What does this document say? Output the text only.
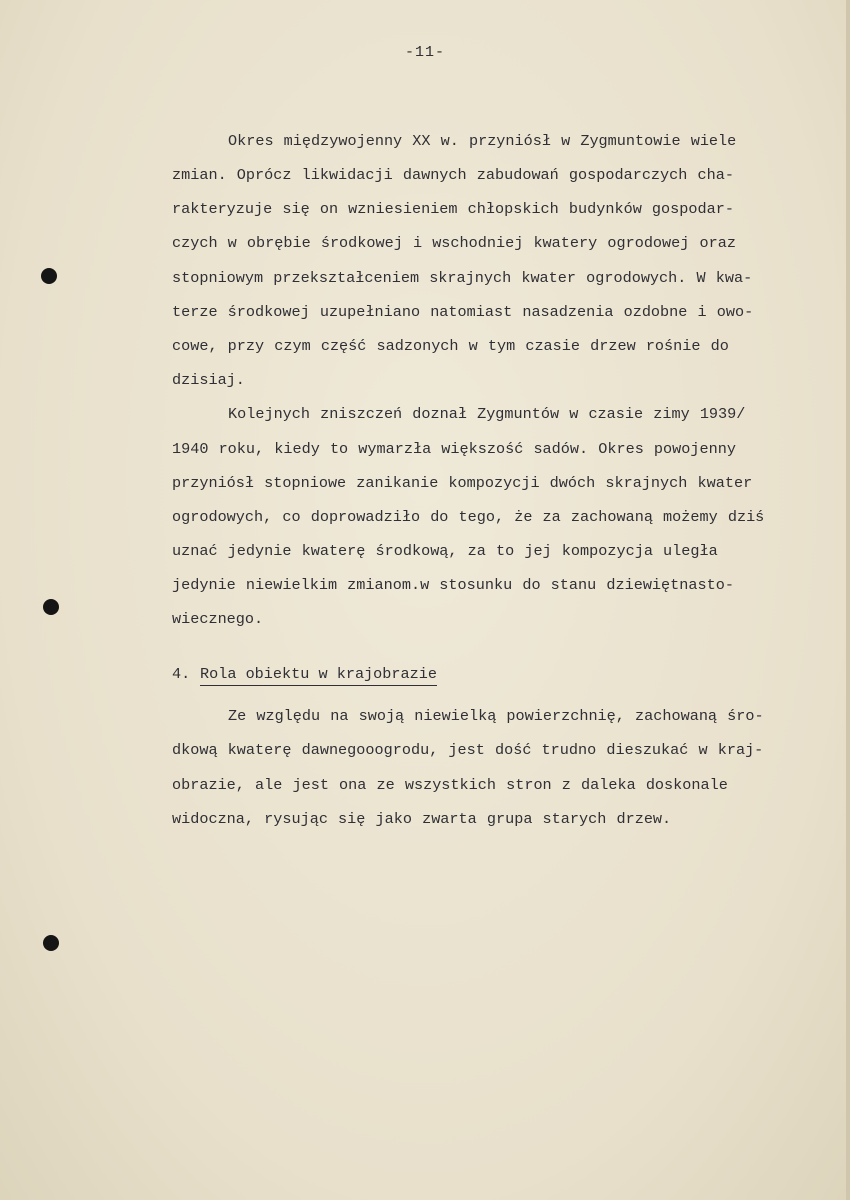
-11-
Okres międzywojenny XX w. przyniósł w Zygmuntowie wiele
zmian. Oprócz likwidacji dawnych zabudowań gospodarczych cha-
rakteryzuje się on wzniesieniem chłopskich budynków gospodar-
czych w obrębie środkowej i wschodniej kwatery ogrodowej oraz
stopniowym przekształceniem skrajnych kwater ogrodowych. W kwa-
terze środkowej uzupełniano natomiast nasadzenia ozdobne i owo-
cowe, przy czym część sadzonych w tym czasie drzew rośnie do
dzisiaj.
Kolejnych zniszczeń doznał Zygmuntów w czasie zimy 1939/
1940 roku, kiedy to wymarzła większość sadów. Okres powojenny
przyniósł stopniowe zanikanie kompozycji dwóch skrajnych kwater
ogrodowych, co doprowadziło do tego, że za zachowaną możemy dziś
uznać jedynie kwaterę środkową, za to jej kompozycja uległa
jedynie niewielkim zmianom.w stosunku do stanu dziewiętnasto-
wiecznego.
4. Rola obiektu w krajobrazie
Ze względu na swoją niewielką powierzchnię, zachowaną śro-
dkową kwaterę dawnegooogrodu, jest dość trudno dieszukać w kraj-
obrazie, ale jest ona ze wszystkich stron z daleka doskonale
widoczna, rysując się jako zwarta grupa starych drzew.
